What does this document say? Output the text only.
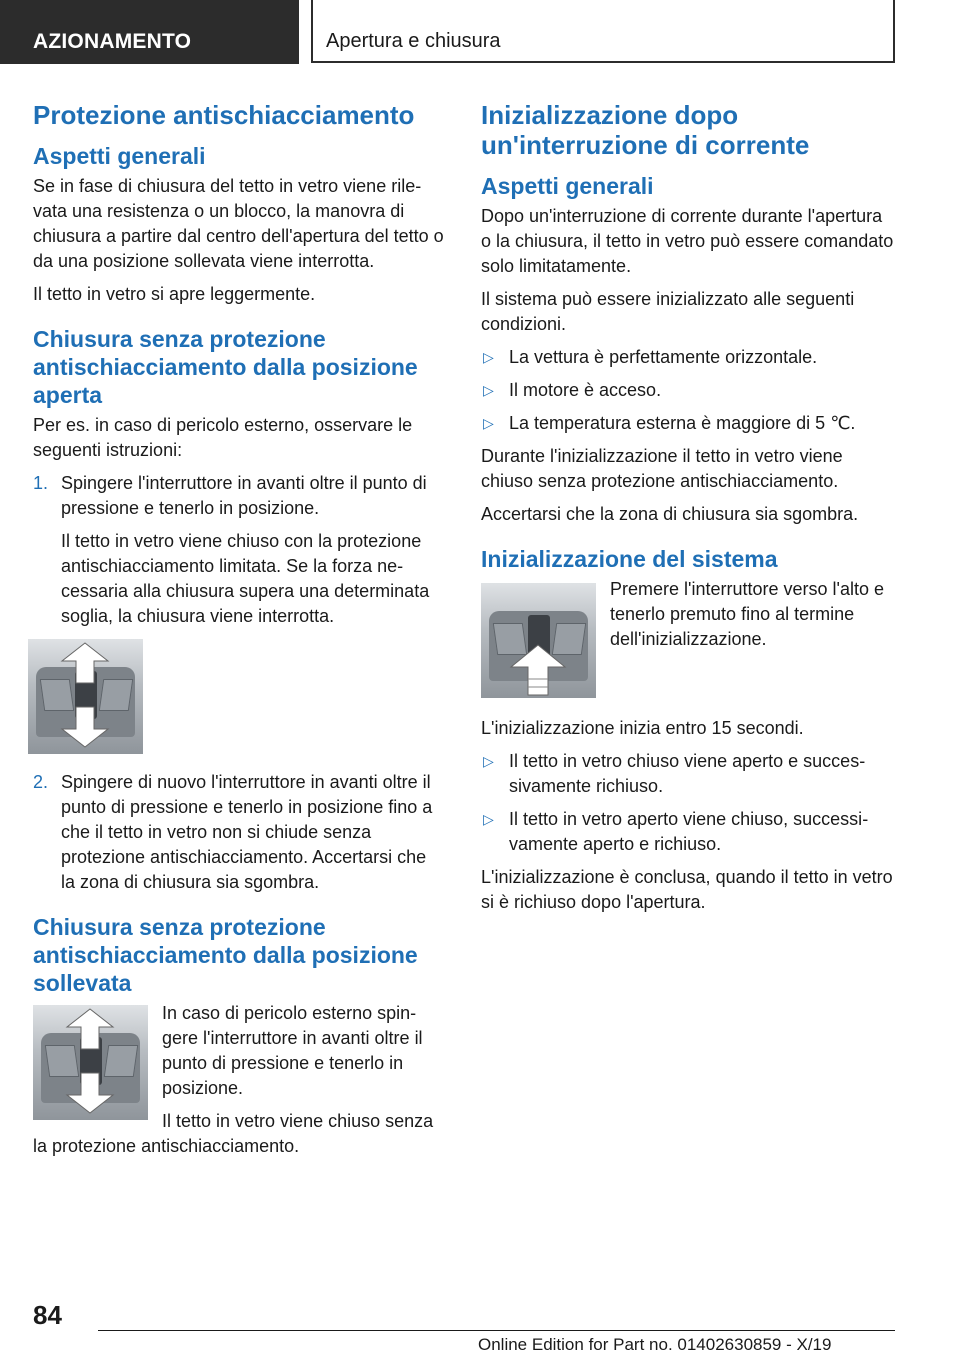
AZIONAMENTO	Apertura e chiusura
Protezione antischiacciamento
Aspetti generali

Se in fase di chiusura del tetto in vetro viene rilevata una resistenza o un blocco, la manovra di chiusura a partire dal centro dell'apertura del tetto o da una posizione sollevata viene interrotta.

Il tetto in vetro si apre leggermente.

Chiusura senza protezione antischiacciamento dalla posizione aperta

Per es. in caso di pericolo esterno, osservare le seguenti istruzioni:

1. Spingere l'interruttore in avanti oltre il punto di pressione e tenerlo in posizione.

Il tetto in vetro viene chiuso con la protezione antischiacciamento limitata. Se la forza necessaria alla chiusura supera una determinata soglia, la chiusura viene interrotta.

2. Spingere di nuovo l'interruttore in avanti oltre il punto di pressione e tenerlo in posizione fino a che il tetto in vetro non si chiude senza protezione antischiacciamento. Accertarsi che la zona di chiusura sia sgombra.

Chiusura senza protezione antischiacciamento dalla posizione sollevata

In caso di pericolo esterno spingere l'interruttore in avanti oltre il punto di pressione e tenerlo in posizione.

Il tetto in vetro viene chiuso senza la protezione antischiacciamento.

Inizializzazione dopo un'interruzione di corrente
Aspetti generali

Dopo un'interruzione di corrente durante l'apertura o la chiusura, il tetto in vetro può essere comandato solo limitatamente.

Il sistema può essere inizializzato alle seguenti condizioni.

▷ La vettura è perfettamente orizzontale.
▷ Il motore è acceso.
▷ La temperatura esterna è maggiore di 5 ℃.

Durante l'inizializzazione il tetto in vetro viene chiuso senza protezione antischiacciamento.

Accertarsi che la zona di chiusura sia sgombra.

Inizializzazione del sistema

Premere l'interruttore verso l'alto e tenerlo premuto fino al termine dell'inizializzazione.

L'inizializzazione inizia entro 15 secondi.

▷ Il tetto in vetro chiuso viene aperto e successivamente richiuso.
▷ Il tetto in vetro aperto viene chiuso, successivamente aperto e richiuso.

L'inizializzazione è conclusa, quando il tetto in vetro si è richiuso dopo l'apertura.

84
Online Edition for Part no. 01402630859 - X/19
